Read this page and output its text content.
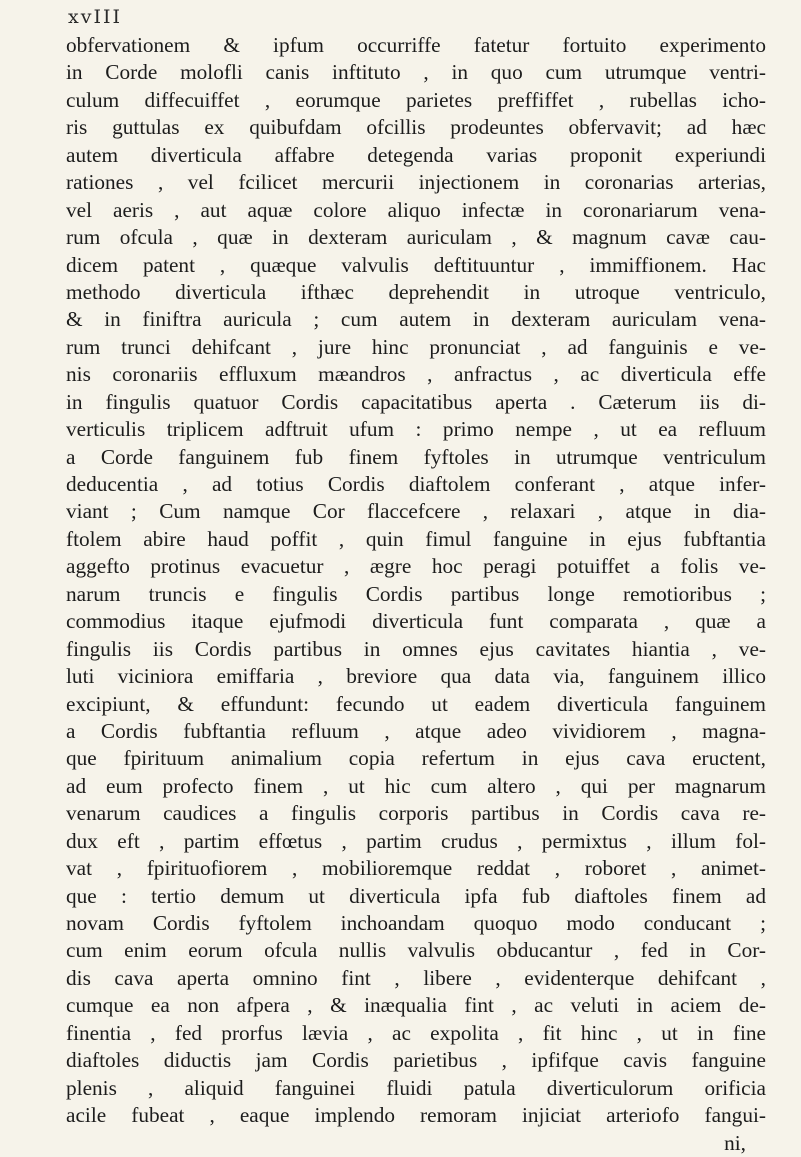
xvIII
obfervationem & ipfum occurriffe fatetur fortuito experimento
in Corde molofli canis inftituto , in quo cum utrumque ventri-
culum diffecuiffet , eorumque parietes preffiffet , rubellas icho-
ris guttulas ex quibufdam ofcillis prodeuntes obfervavit; ad hæc
autem diverticula affabre detegenda varias proponit experiundi
rationes , vel fcilicet mercurii injectionem in coronarias arterias,
vel aeris , aut aquæ colore aliquo infectæ in coronariarum vena-
rum ofcula , quæ in dexteram auriculam , & magnum cavæ cau-
dicem patent , quæque valvulis deftituuntur , immiffionem. Hac
methodo diverticula ifthæc deprehendit in utroque ventriculo,
& in finiftra auricula ; cum autem in dexteram auriculam vena-
rum trunci dehifcant , jure hinc pronunciat , ad fanguinis e ve-
nis coronariis effluxum mæandros , anfractus , ac diverticula effe
in fingulis quatuor Cordis capacitatibus aperta . Cæterum iis di-
verticulis triplicem adftruit ufum : primo nempe , ut ea refluum
a Corde fanguinem fub finem fyftoles in utrumque ventriculum
deducentia , ad totius Cordis diaftolem conferant , atque infer-
viant ; Cum namque Cor flaccefcere , relaxari , atque in dia-
ftolem abire haud poffit , quin fimul fanguine in ejus fubftantia
aggefto protinus evacuetur , ægre hoc peragi potuiffet a folis ve-
narum truncis e fingulis Cordis partibus longe remotioribus ;
commodius itaque ejufmodi diverticula funt comparata , quæ a
fingulis iis Cordis partibus in omnes ejus cavitates hiantia , ve-
luti viciniora emiffaria , breviore qua data via, fanguinem illico
excipiunt, & effundunt: fecundo ut eadem diverticula fanguinem
a Cordis fubftantia refluum , atque adeo vividiorem , magna-
que fpirituum animalium copia refertum in ejus cava eructent,
ad eum profecto finem , ut hic cum altero , qui per magnarum
venarum caudices a fingulis corporis partibus in Cordis cava re-
dux eft , partim effœtus , partim crudus , permixtus , illum fol-
vat , fpirituofiorem , mobilioremque reddat , roboret , animet-
que : tertio demum ut diverticula ipfa fub diaftoles finem ad
novam Cordis fyftolem inchoandam quoquo modo conducant ;
cum enim eorum ofcula nullis valvulis obducantur , fed in Cor-
dis cava aperta omnino fint , libere , evidenterque dehifcant ,
cumque ea non afpera , & inæqualia fint , ac veluti in aciem de-
finentia , fed prorfus lævia , ac expolita , fit hinc , ut in fine
diaftoles diductis jam Cordis parietibus , ipfifque cavis fanguine
plenis , aliquid fanguinei fluidi patula diverticulorum orificia
acile fubeat , eaque implendo remoram injiciat arteriofo fangui-
ni,
